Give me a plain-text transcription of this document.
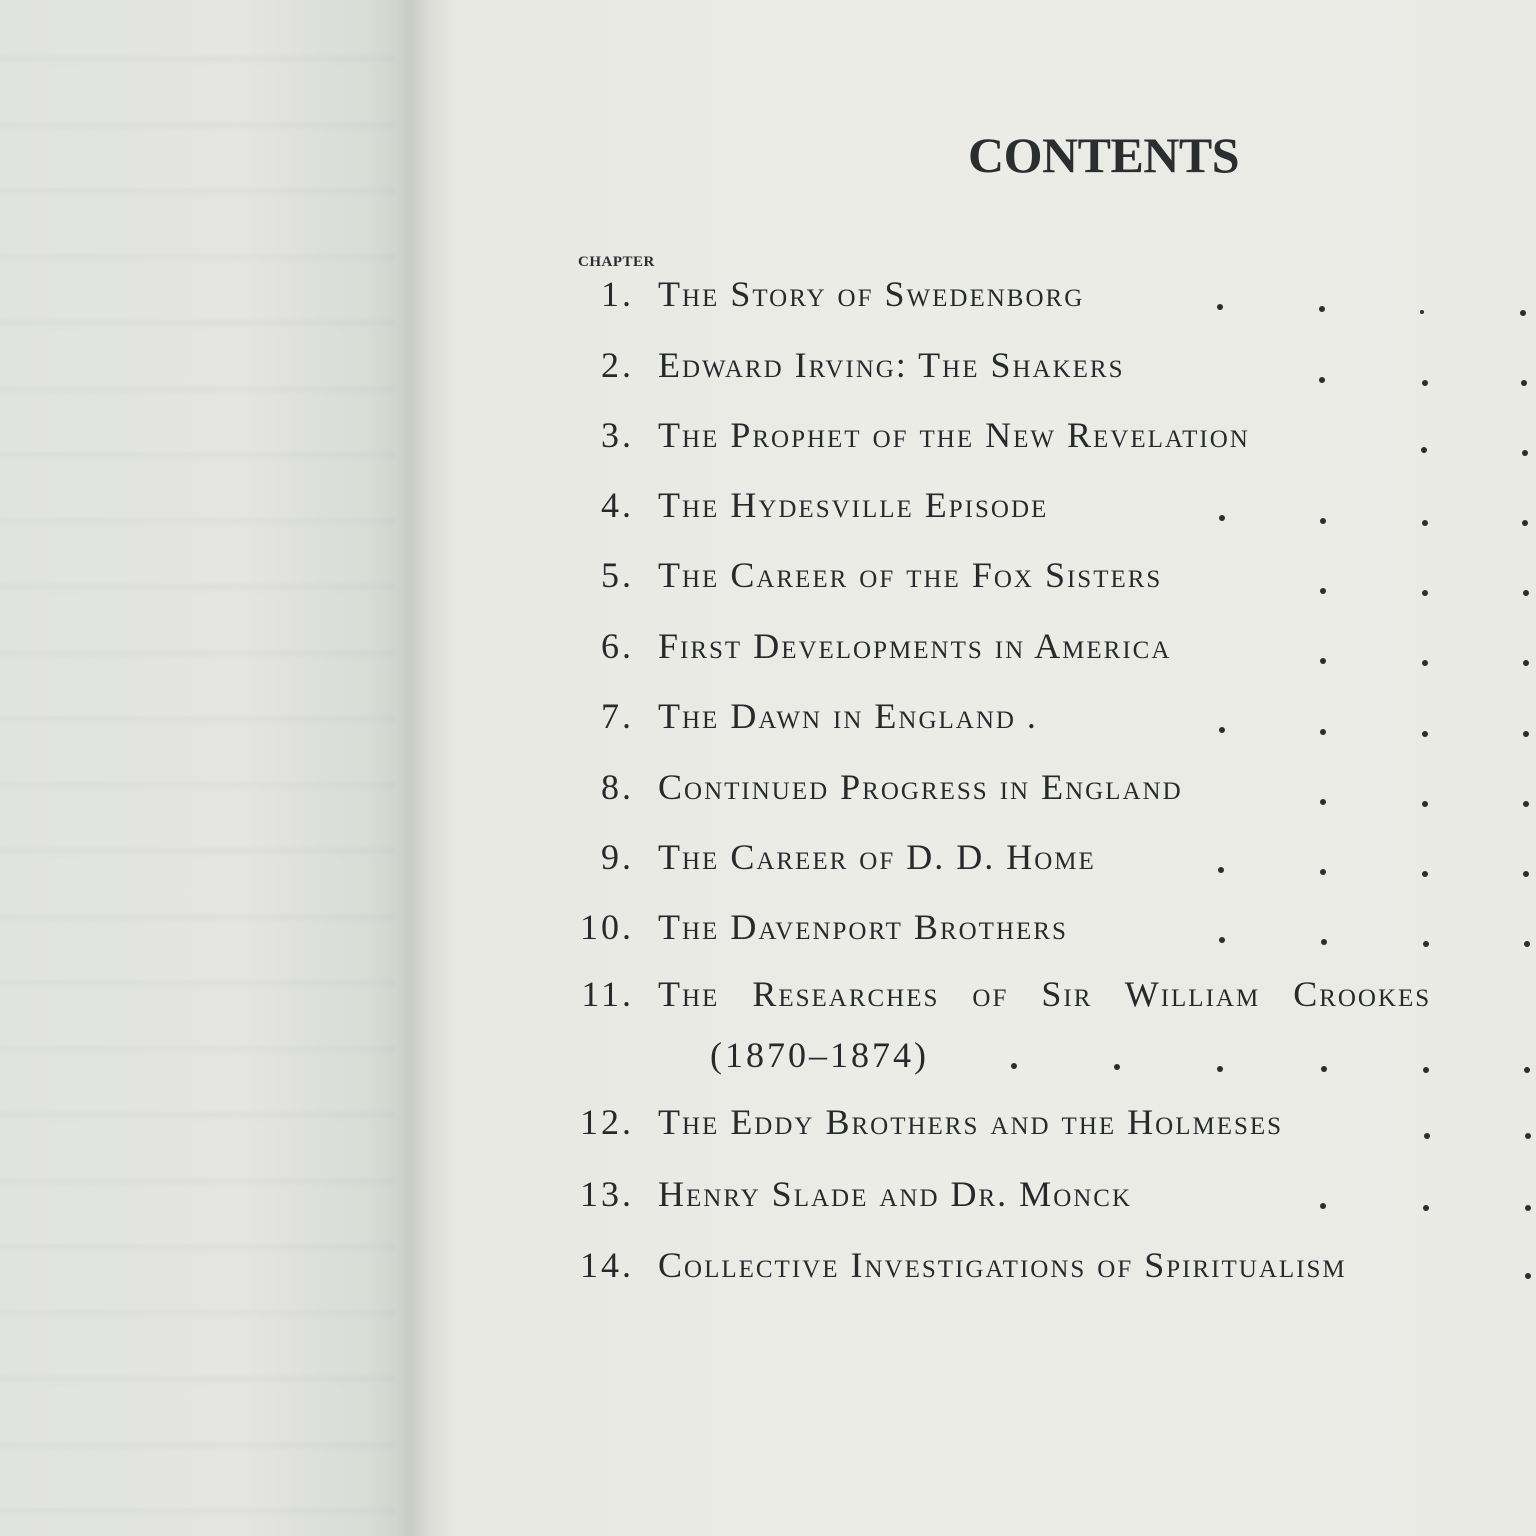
CONTENTS
CHAPTER
1. The Story of Swedenborg
2. Edward Irving: The Shakers
3. The Prophet of the New Revelation
4. The Hydesville Episode
5. The Career of the Fox Sisters
6. First Developments in America
7. The Dawn in England .
8. Continued Progress in England
9. The Career of D. D. Home
10. The Davenport Brothers
11. The   Researches   of   Sir   William   Crookes
(1870–1874)
12. The Eddy Brothers and the Holmeses
13. Henry Slade and Dr. Monck
14. Collective Investigations of Spiritualism
